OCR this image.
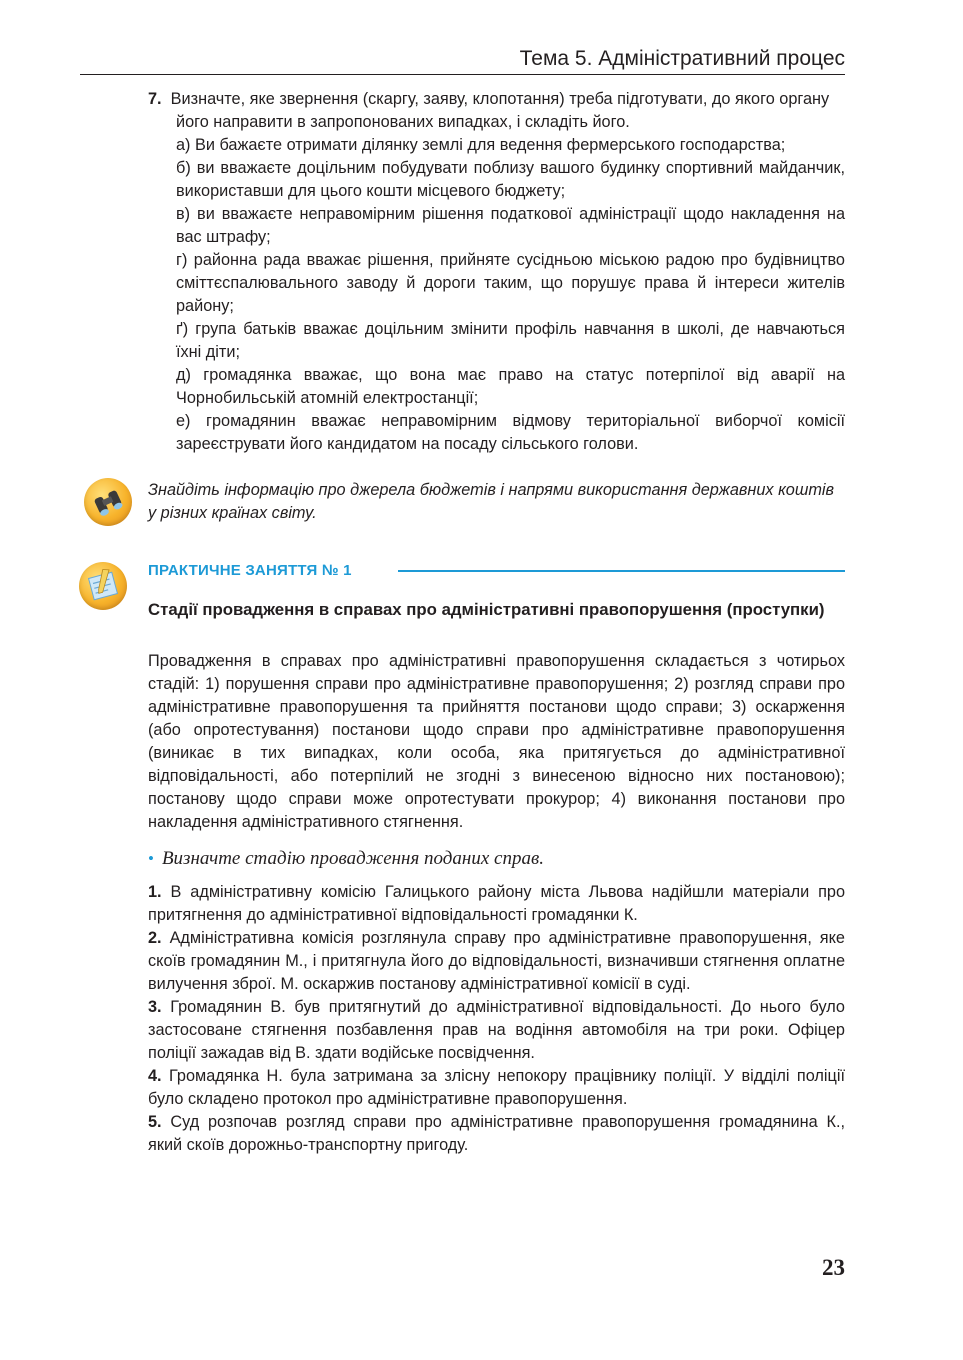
Тема 5. Адміністративний процес

7. Визначте, яке звернення (скаргу, заяву, клопотання) треба підготувати, до якого органу його направити в запропонованих випадках, і складіть його.

а) Ви бажаєте отримати ділянку землі для ведення фермерського господарства;

б) ви вважаєте доцільним побудувати поблизу вашого будинку спортивний майданчик, використавши для цього кошти місцевого бюджету;

в) ви вважаєте неправомірним рішення податкової адміністрації щодо накладення на вас штрафу;

г) районна рада вважає рішення, прийняте сусідньою міською радою про будівництво сміттєспалювального заводу й дороги таким, що порушує права й інтереси жителів району;

ґ) група батьків вважає доцільним змінити профіль навчання в школі, де навчаються їхні діти;

д) громадянка вважає, що вона має право на статус потерпілої від аварії на Чорнобильській атомній електростанції;

е) громадянин вважає неправомірним відмову територіальної виборчої комісії зареєструвати його кандидатом на посаду сільського голови.

Знайдіть інформацію про джерела бюджетів і напрями використання державних коштів у різних країнах світу.

ПРАКТИЧНЕ ЗАНЯТТЯ № 1

Стадії провадження в справах про адміністративні правопорушення (проступки)

Провадження в справах про адміністративні правопорушення складається з чотирьох стадій: 1) порушення справи про адміністративне правопорушення; 2) розгляд справи про адміністративне правопорушення та прийняття постанови щодо справи; 3) оскарження (або опротестування) постанови щодо справи про адміністративне правопорушення (виникає в тих випадках, коли особа, яка притягується до адміністративної відповідальності, або потерпілий не згодні з винесеною відносно них постановою); постанову щодо справи може опротестувати прокурор; 4) виконання постанови про накладення адміністративного стягнення.

• Визначте стадію провадження поданих справ.

1. В адміністративну комісію Галицького району міста Львова надійшли матеріали про притягнення до адміністративної відповідальності громадянки К.

2. Адміністративна комісія розглянула справу про адміністративне правопорушення, яке скоїв громадянин М., і притягнула його до відповідальності, визначивши стягнення оплатне вилучення зброї. М. оскаржив постанову адміністративної комісії в суді.

3. Громадянин В. був притягнутий до адміністративної відповідальності. До нього було застосоване стягнення позбавлення прав на водіння автомобіля на три роки. Офіцер поліції зажадав від В. здати водійське посвідчення.

4. Громадянка Н. була затримана за злісну непокору працівнику поліції. У відділі поліції було складено протокол про адміністративне правопорушення.

5. Суд розпочав розгляд справи про адміністративне правопорушення громадянина К., який скоїв дорожньо-транспортну пригоду.

23
